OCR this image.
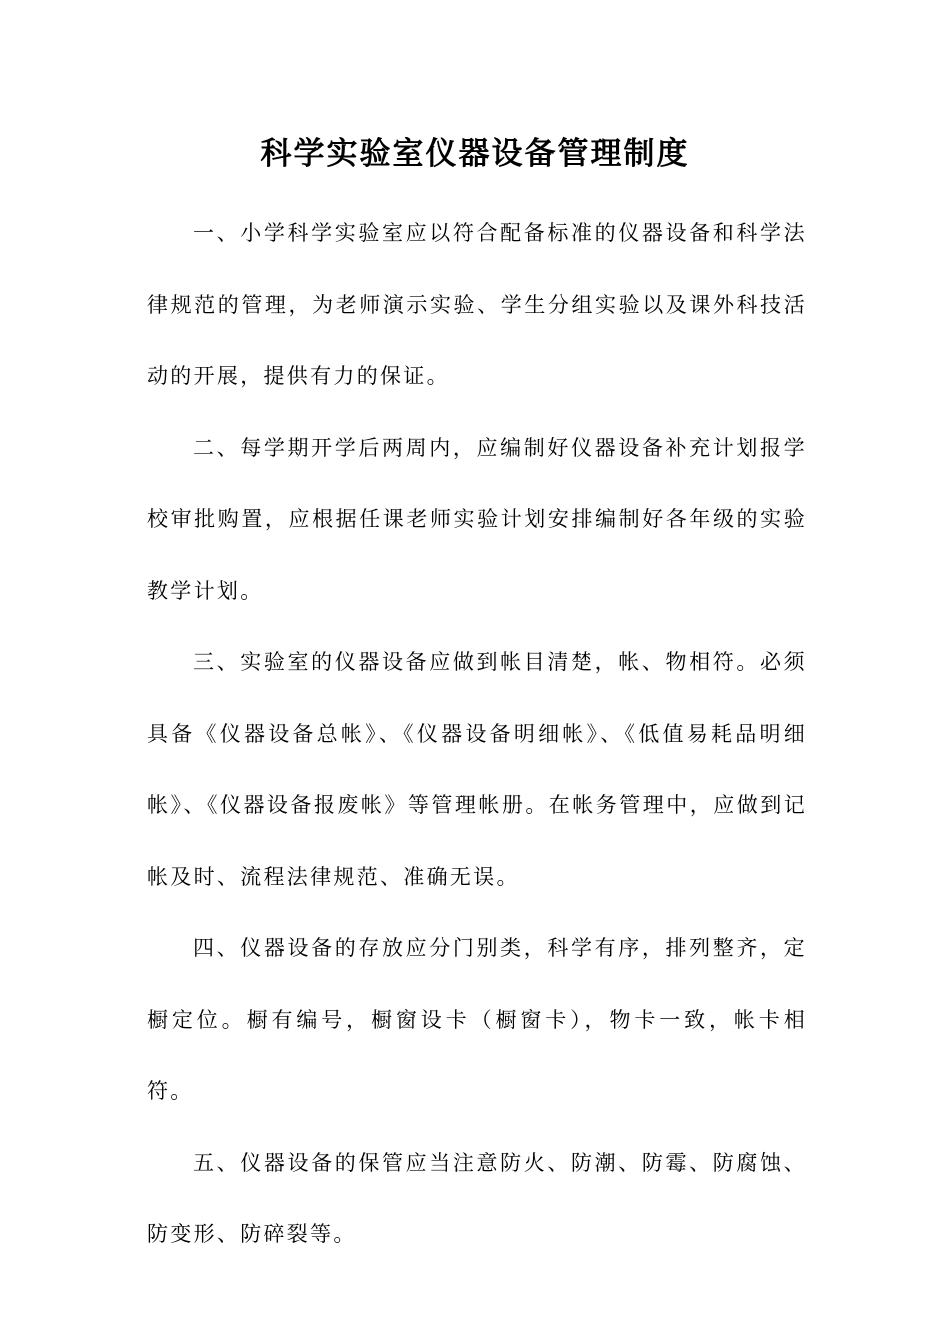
科学实验室仪器设备管理制度

一、小学科学实验室应以符合配备标准的仪器设备和科学法律规范的管理，为老师演示实验、学生分组实验以及课外科技活动的开展，提供有力的保证。

二、每学期开学后两周内，应编制好仪器设备补充计划报学校审批购置，应根据任课老师实验计划安排编制好各年级的实验教学计划。

三、实验室的仪器设备应做到帐目清楚，帐、物相符。必须具备《仪器设备总帐》、《仪器设备明细帐》、《低值易耗品明细帐》、《仪器设备报废帐》等管理帐册。在帐务管理中，应做到记帐及时、流程法律规范、准确无误。

四、仪器设备的存放应分门别类，科学有序，排列整齐，定橱定位。橱有编号，橱窗设卡（橱窗卡），物卡一致，帐卡相符。

五、仪器设备的保管应当注意防火、防潮、防霉、防腐蚀、防变形、防碎裂等。
